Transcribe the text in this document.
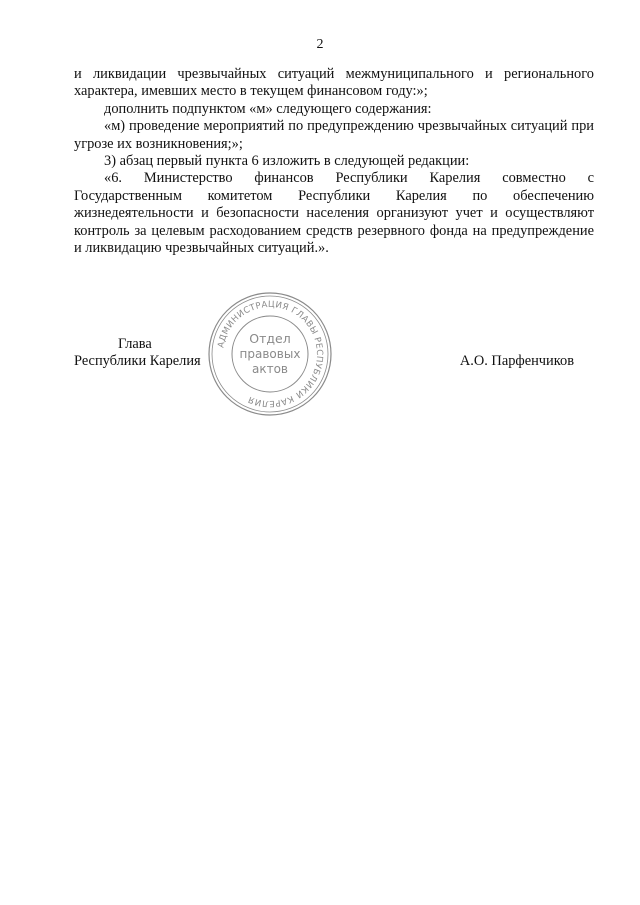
2

и ликвидации чрезвычайных ситуаций межмуниципального и регионального характера, имевших место в текущем финансовом году:»;

дополнить подпунктом «м» следующего содержания:

«м) проведение мероприятий по предупреждению чрезвычайных ситуаций при угрозе их возникновения;»;

3) абзац первый пункта 6 изложить в следующей редакции:

«6. Министерство финансов Республики Карелия совместно с Государственным комитетом Республики Карелия по обеспечению жизнедеятельности и безопасности населения организуют учет и осуществляют контроль за целевым расходованием средств резервного фонда на предупреждение и ликвидацию чрезвычайных ситуаций.».

Глава
Республики Карелия	А.О. Парфенчиков
АДМИНИСТРАЦИЯ ГЛАВЫ РЕСПУБЛИКИ КАРЕЛИЯ
Отдел
правовых
актов
